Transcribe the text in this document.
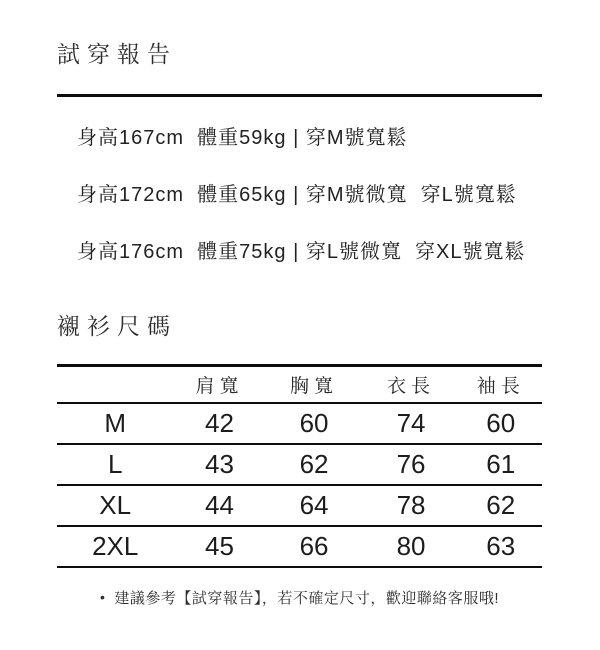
試穿報告
身高167cm  體重59kg | 穿M號寬鬆
身高172cm  體重65kg | 穿M號微寬  穿L號寬鬆
身高176cm  體重75kg | 穿L號微寬  穿XL號寬鬆
襯衫尺碼
	肩寬	胸寬	衣長	袖長
M	42	60	74	60
L	43	62	76	61
XL	44	64	78	62
2XL	45	66	80	63
• 建議參考【試穿報告】，若不確定尺寸，歡迎聯絡客服哦!
